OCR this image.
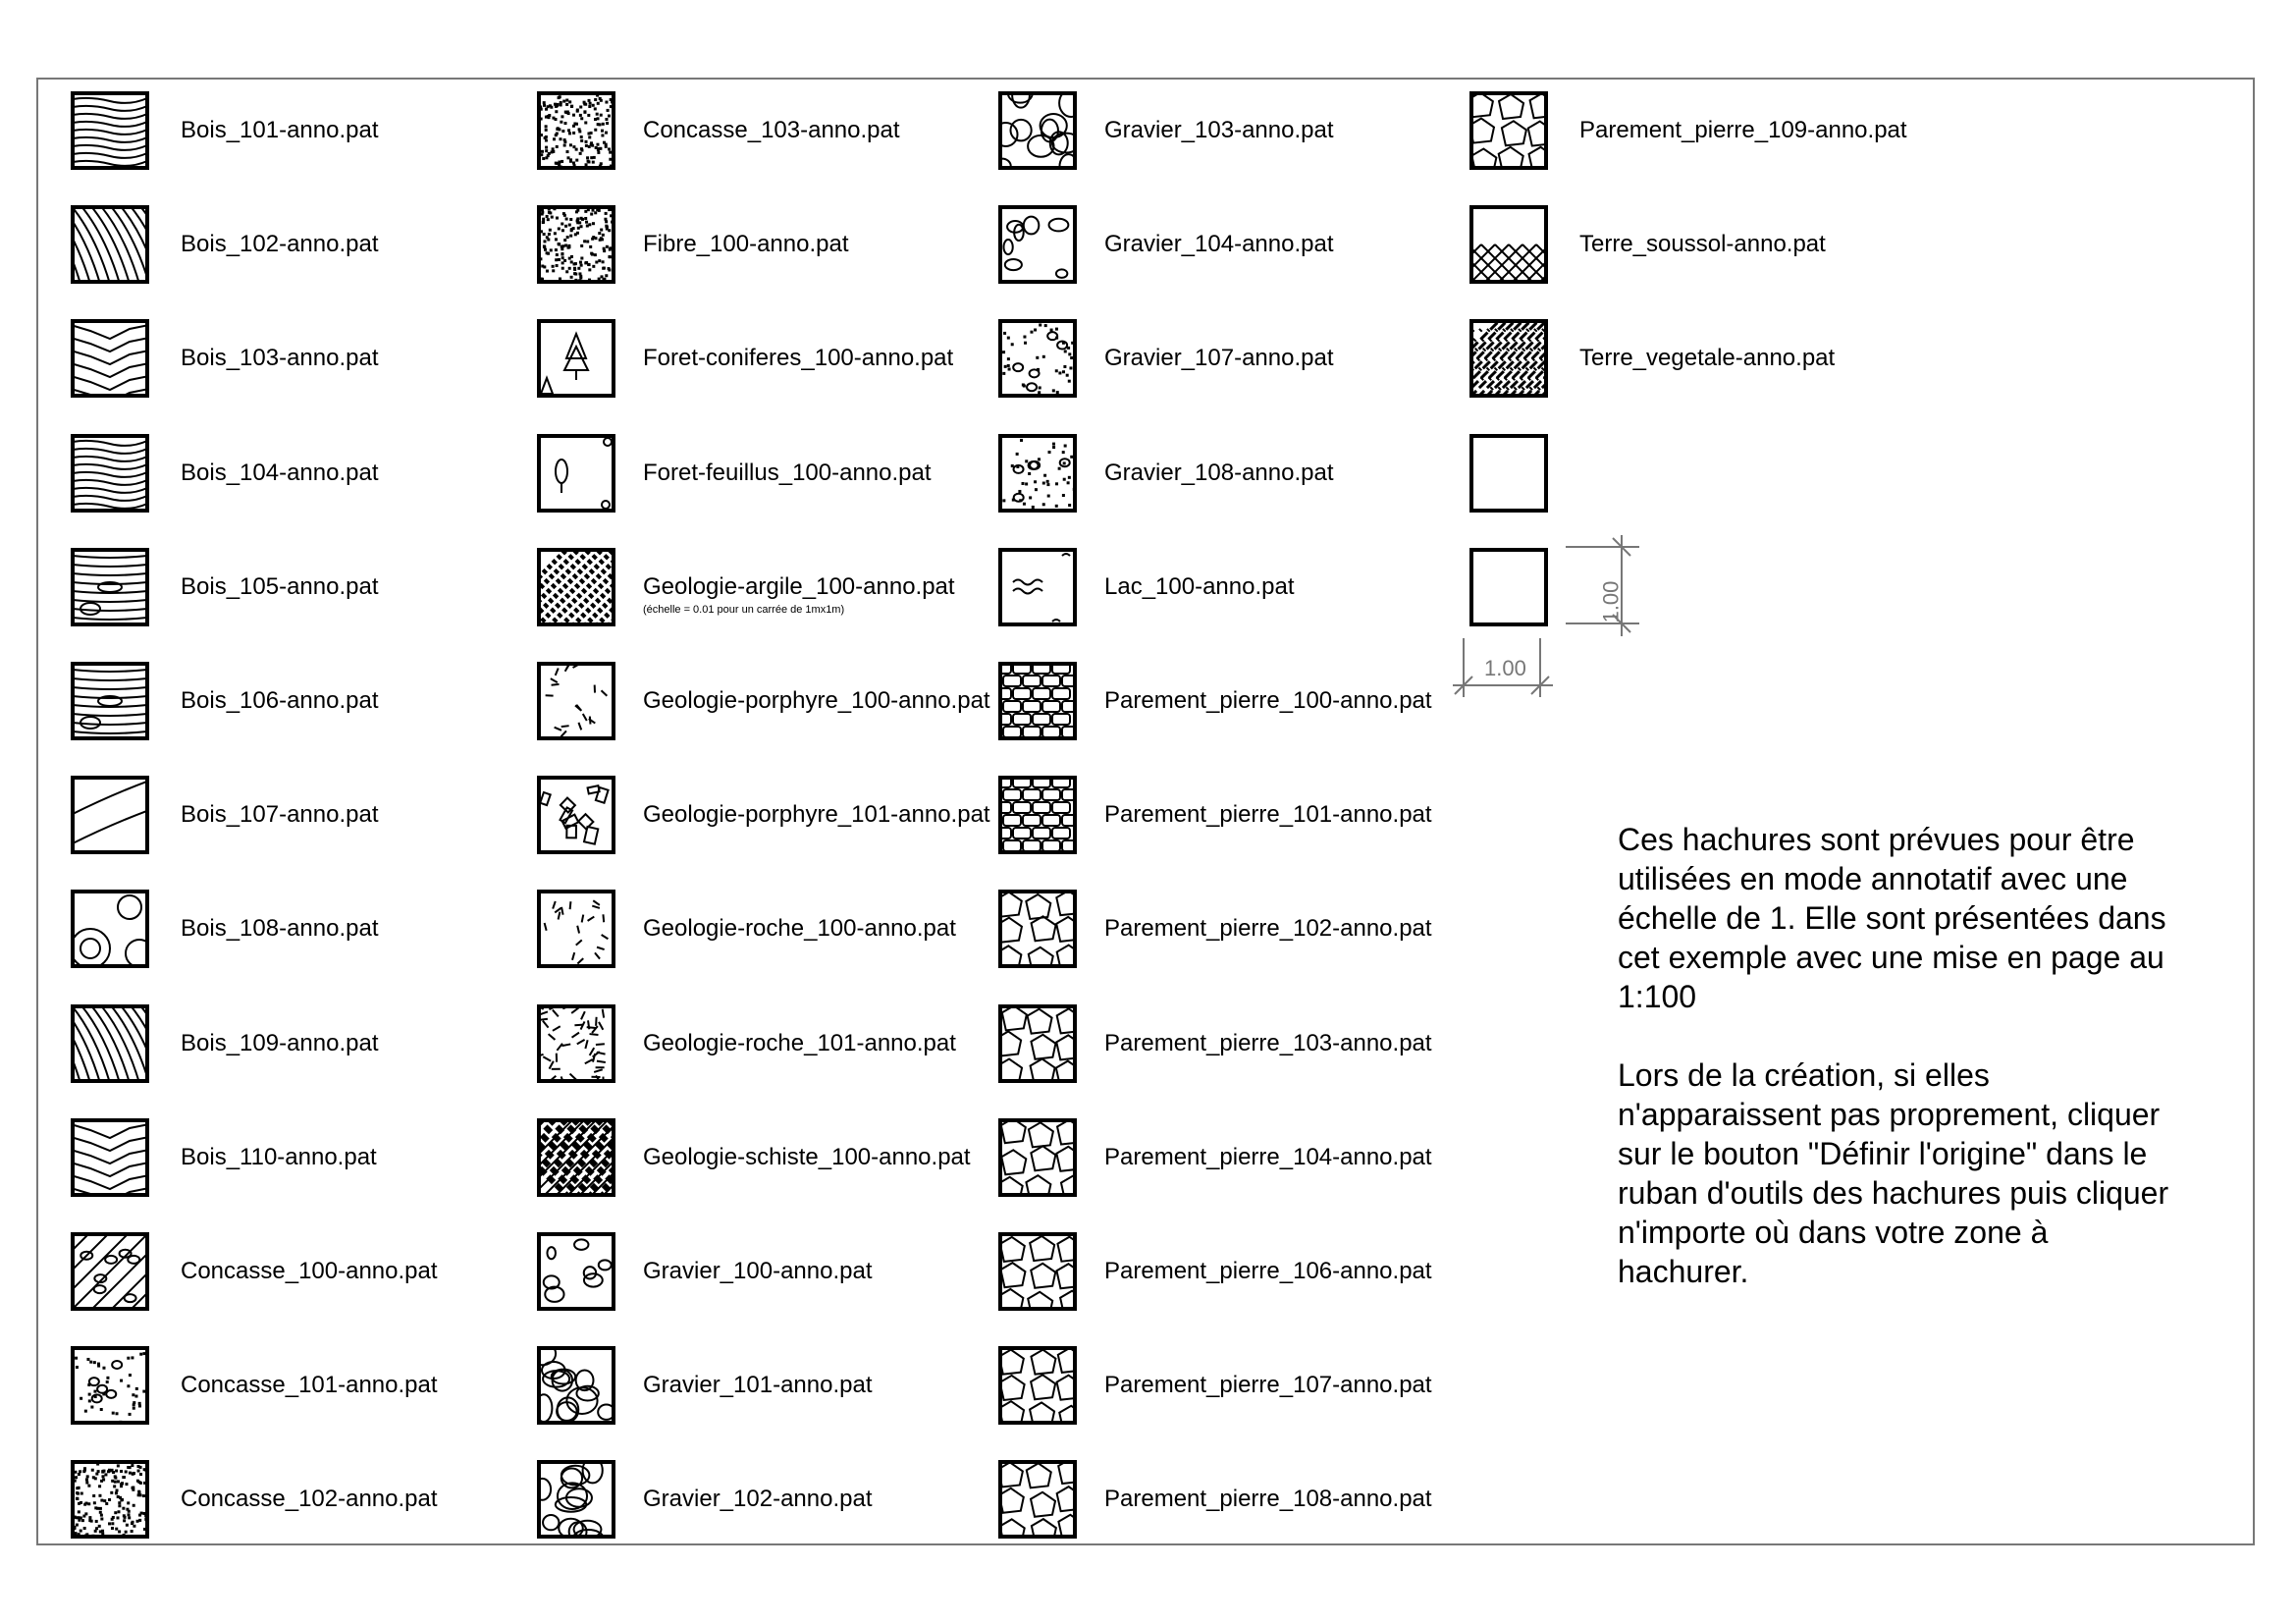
Bois_101-anno.pat
Bois_102-anno.pat
Bois_103-anno.pat
Bois_104-anno.pat
Bois_105-anno.pat
Bois_106-anno.pat
Bois_107-anno.pat
Bois_108-anno.pat
Bois_109-anno.pat
Bois_110-anno.pat
Concasse_100-anno.pat
Concasse_101-anno.pat
Concasse_102-anno.pat
Concasse_103-anno.pat
Fibre_100-anno.pat
Foret-coniferes_100-anno.pat
Foret-feuillus_100-anno.pat
Geologie-argile_100-anno.pat
(échelle = 0.01 pour un carrée de 1mx1m)
Geologie-porphyre_100-anno.pat
Geologie-porphyre_101-anno.pat
Geologie-roche_100-anno.pat
Geologie-roche_101-anno.pat
Geologie-schiste_100-anno.pat
Gravier_100-anno.pat
Gravier_101-anno.pat
Gravier_102-anno.pat
Gravier_103-anno.pat
Gravier_104-anno.pat
Gravier_107-anno.pat
Gravier_108-anno.pat
Lac_100-anno.pat
Parement_pierre_100-anno.pat
Parement_pierre_101-anno.pat
Parement_pierre_102-anno.pat
Parement_pierre_103-anno.pat
Parement_pierre_104-anno.pat
Parement_pierre_106-anno.pat
Parement_pierre_107-anno.pat
Parement_pierre_108-anno.pat
Parement_pierre_109-anno.pat
Terre_soussol-anno.pat
Terre_vegetale-anno.pat
1.00
1.00

Ces hachures sont prévues pour être
utilisées en mode annotatif avec une
échelle de 1. Elle sont présentées dans
cet exemple avec une mise en page au
1:100

Lors de la création, si elles
n'apparaissent pas proprement, cliquer
sur le bouton "Définir l'origine" dans le
ruban d'outils des hachures puis cliquer
n'importe où dans votre zone à
hachurer.
